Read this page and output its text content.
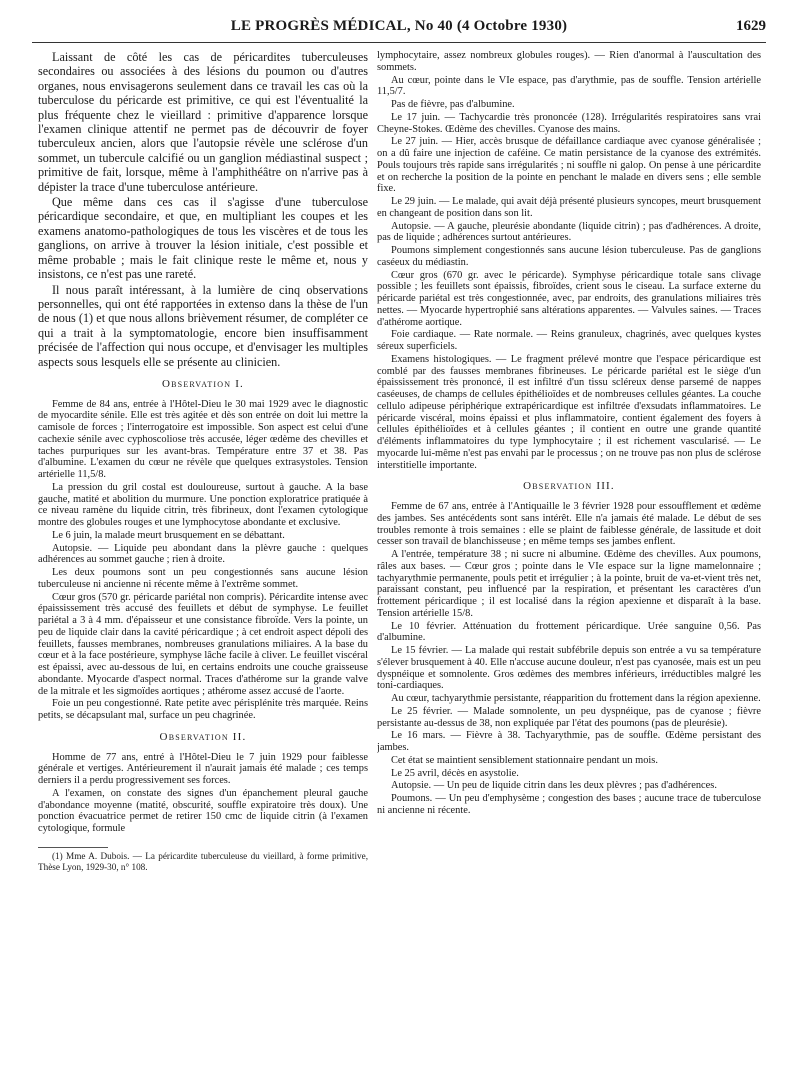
LE PROGRÈS MÉDICAL, No 40 (4 Octobre 1930)	1629

Laissant de côté les cas de péricardites tuberculeuses secondaires ou associées à des lésions du poumon ou d'autres organes, nous envisagerons seulement dans ce travail les cas où la tuberculose du péricarde est primitive, ce qui est l'éventualité la plus fréquente chez le vieillard : primitive d'apparence lorsque l'examen clinique attentif ne permet pas de découvrir de foyer tuberculeux ancien, alors que l'autopsie révèle une sclérose d'un sommet, un tubercule calcifié ou un ganglion médiastinal suspect ; primitive de fait, lorsque, même à l'amphithéâtre on n'arrive pas à dépister la trace d'une tuberculose antérieure.

Que même dans ces cas il s'agisse d'une tuberculose péricardique secondaire, et que, en multipliant les coupes et les examens anatomo-pathologiques de tous les viscères et de tous les ganglions, on arrive à trouver la lésion initiale, c'est possible et même probable ; mais le fait clinique reste le même et, nous y insistons, ce n'est pas une rareté.

Il nous paraît intéressant, à la lumière de cinq observations personnelles, qui ont été rapportées in extenso dans la thèse de l'un de nous (1) et que nous allons brièvement résumer, de compléter ce qui a trait à la symptomatologie, encore bien insuffisamment précisée de l'affection qui nous occupe, et d'envisager les multiples aspects sous lesquels elle se présente au clinicien.

Observation I.

Femme de 84 ans, entrée à l'Hôtel-Dieu le 30 mai 1929 avec le diagnostic de myocardite sénile. Elle est très agitée et dès son entrée on doit lui mettre la camisole de forces ; l'interrogatoire est impossible. Son aspect est celui d'une cachexie sénile avec cyphoscoliose très accusée, léger œdème des chevilles et taches purpuriques sur les avant-bras. Température entre 37 et 38. Pas d'albumine. L'examen du cœur ne révèle que quelques extrasystoles. Tension artérielle 11,5/8.

La pression du gril costal est douloureuse, surtout à gauche. A la base gauche, matité et abolition du murmure. Une ponction exploratrice pratiquée à ce niveau ramène du liquide citrin, très fibrineux, dont l'examen cytologique montre des globules rouges et une lymphocytose abondante et exclusive.

Le 6 juin, la malade meurt brusquement en se débattant.

Autopsie. — Liquide peu abondant dans la plèvre gauche : quelques adhérences au sommet gauche ; rien à droite.

Les deux poumons sont un peu congestionnés sans aucune lésion tuberculeuse ni ancienne ni récente même à l'extrême sommet.

Cœur gros (570 gr. péricarde pariétal non compris). Péricardite intense avec épaississement très accusé des feuillets et début de symphyse. Le feuillet pariétal a 3 à 4 mm. d'épaisseur et une consistance fibroïde. Vers la pointe, un peu de liquide clair dans la cavité péricardique ; à cet endroit aspect dépoli des feuillets, fausses membranes, nombreuses granulations miliaires. A la base du cœur et à la face postérieure, symphyse lâche facile à cliver. Le feuillet viscéral est épaissi, avec au-dessous de lui, en certains endroits une couche graisseuse abondante. Myocarde d'aspect normal. Traces d'athérome sur la grande valve de la mitrale et les sigmoïdes aortiques ; athérome assez accusé de l'aorte.

Foie un peu congestionné. Rate petite avec périsplénite très marquée. Reins petits, se décapsulant mal, surface un peu chagrinée.

Observation II.

Homme de 77 ans, entré à l'Hôtel-Dieu le 7 juin 1929 pour faiblesse générale et vertiges. Antérieurement il n'aurait jamais été malade ; ces temps derniers il a perdu progressivement ses forces.

A l'examen, on constate des signes d'un épanchement pleural gauche d'abondance moyenne (matité, obscurité, souffle expiratoire très doux). Une ponction évacuatrice permet de retirer 150 cmc de liquide citrin (à l'examen cytologique, formule

(1) Mme A. Dubois. — La péricardite tuberculeuse du vieillard, à forme primitive, Thèse Lyon, 1929-30, n° 108.

lymphocytaire, assez nombreux globules rouges). — Rien d'anormal à l'auscultation des sommets.

Au cœur, pointe dans le VIe espace, pas d'arythmie, pas de souffle. Tension artérielle 11,5/7.

Pas de fièvre, pas d'albumine.

Le 17 juin. — Tachycardie très prononcée (128). Irrégularités respiratoires sans vrai Cheyne-Stokes. Œdème des chevilles. Cyanose des mains.

Le 27 juin. — Hier, accès brusque de défaillance cardiaque avec cyanose généralisée ; on a dû faire une injection de caféine. Ce matin persistance de la cyanose des extrémités. Pouls toujours très rapide sans irrégularités ; ni souffle ni galop. On pense à une péricardite et on recherche la position de la pointe en penchant le malade en divers sens ; elle semble fixe.

Le 29 juin. — Le malade, qui avait déjà présenté plusieurs syncopes, meurt brusquement en changeant de position dans son lit.

Autopsie. — A gauche, pleurésie abondante (liquide citrin) ; pas d'adhérences. A droite, pas de liquide ; adhérences surtout antérieures.

Poumons simplement congestionnés sans aucune lésion tuberculeuse. Pas de ganglions caséeux du médiastin.

Cœur gros (670 gr. avec le péricarde). Symphyse péricardique totale sans clivage possible ; les feuillets sont épaissis, fibroïdes, crient sous le ciseau. La surface externe du péricarde pariétal est très congestionnée, avec, par endroits, des granulations miliaires très nettes. — Myocarde hypertrophié sans altérations apparentes. — Valvules saines. — Traces d'athérome aortique.

Foie cardiaque. — Rate normale. — Reins granuleux, chagrinés, avec quelques kystes séreux superficiels.

Examens histologiques. — Le fragment prélevé montre que l'espace péricardique est comblé par des fausses membranes fibrineuses. Le péricarde pariétal est le siège d'un épaississement très prononcé, il est infiltré d'un tissu scléreux dense parsemé de nappes caséeuses, de champs de cellules épithélioïdes et de nombreuses cellules géantes. La couche cellulo adipeuse périphérique extrapéricardique est infiltrée d'exsudats inflammatoires. Le péricarde viscéral, moins épaissi et plus inflammatoire, contient également des foyers à cellules épithélioïdes et à cellules géantes ; il contient en outre une grande quantité d'éléments inflammatoires du type lymphocytaire ; il est richement vascularisé. — Le myocarde lui-même n'est pas envahi par le processus ; on ne trouve pas non plus de sclérose interstitielle importante.

Observation III.

Femme de 67 ans, entrée à l'Antiquaille le 3 février 1928 pour essoufflement et œdème des jambes. Ses antécédents sont sans intérêt. Elle n'a jamais été malade. Le début de ses troubles remonte à trois semaines : elle se plaint de faiblesse générale, de lassitude et doit cesser son travail de blanchisseuse ; en même temps ses jambes enflent.

A l'entrée, température 38 ; ni sucre ni albumine. Œdème des chevilles. Aux poumons, râles aux bases. — Cœur gros ; pointe dans le VIe espace sur la ligne mamelonnaire ; tachyarythmie permanente, pouls petit et irrégulier ; à la pointe, bruit de va-et-vient très net, paraissant constant, peu influencé par la respiration, et présentant les caractères d'un frottement péricardique ; il est localisé dans la région apexienne et disparaît à la base. Tension artérielle 15/8.

Le 10 février. Atténuation du frottement péricardique. Urée sanguine 0,56. Pas d'albumine.

Le 15 février. — La malade qui restait subfébrile depuis son entrée a vu sa température s'élever brusquement à 40. Elle n'accuse aucune douleur, n'est pas cyanosée, mais est un peu dyspnéique et somnolente. Gros œdèmes des membres inférieurs, irréductibles malgré les toni-cardiaques.

Au cœur, tachyarythmie persistante, réapparition du frottement dans la région apexienne.

Le 25 février. — Malade somnolente, un peu dyspnéique, pas de cyanose ; fièvre persistante au-dessus de 38, non expliquée par l'état des poumons (pas de pleurésie).

Le 16 mars. — Fièvre à 38. Tachyarythmie, pas de souffle. Œdème persistant des jambes.

Cet état se maintient sensiblement stationnaire pendant un mois.

Le 25 avril, décès en asystolie.

Autopsie. — Un peu de liquide citrin dans les deux plèvres ; pas d'adhérences.

Poumons. — Un peu d'emphysème ; congestion des bases ; aucune trace de tuberculose ni ancienne ni récente.
